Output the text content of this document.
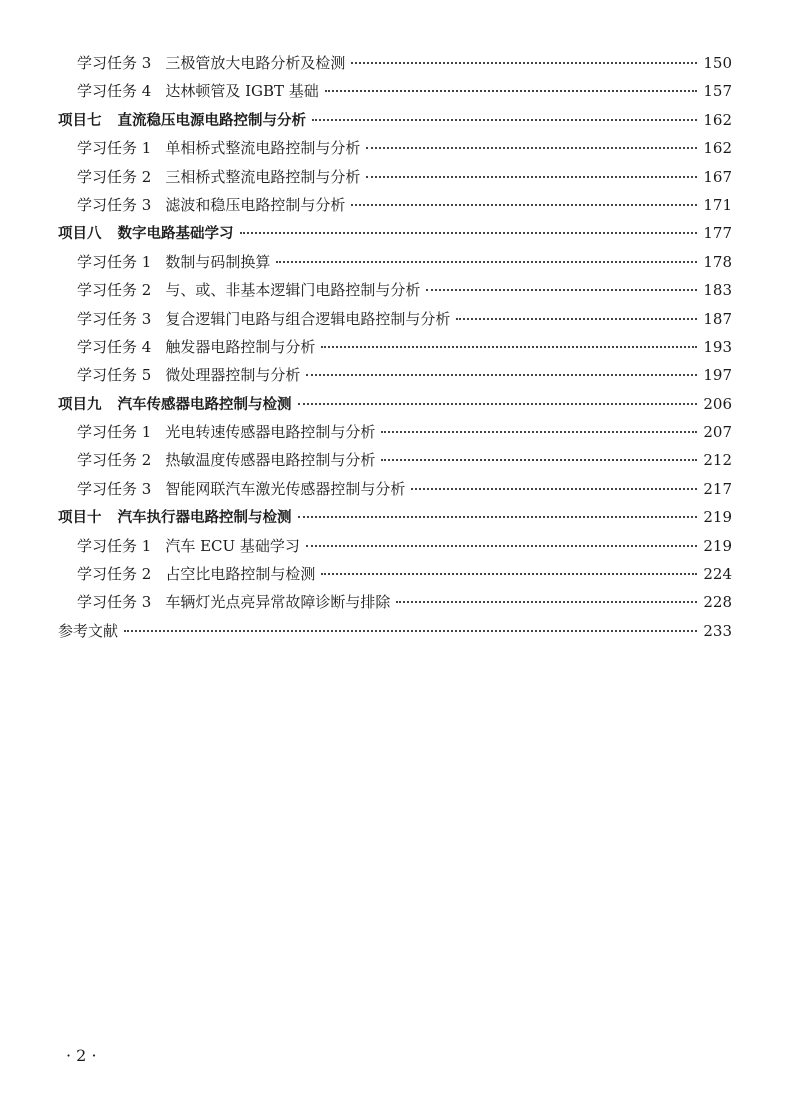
学习任务 3 三极管放大电路分析及检测	150
学习任务 4 达林顿管及 IGBT 基础	157
项目七 直流稳压电源电路控制与分析	162
学习任务 1 单相桥式整流电路控制与分析	162
学习任务 2 三相桥式整流电路控制与分析	167
学习任务 3 滤波和稳压电路控制与分析	171
项目八 数字电路基础学习	177
学习任务 1 数制与码制换算	178
学习任务 2 与、或、非基本逻辑门电路控制与分析	183
学习任务 3 复合逻辑门电路与组合逻辑电路控制与分析	187
学习任务 4 触发器电路控制与分析	193
学习任务 5 微处理器控制与分析	197
项目九 汽车传感器电路控制与检测	206
学习任务 1 光电转速传感器电路控制与分析	207
学习任务 2 热敏温度传感器电路控制与分析	212
学习任务 3 智能网联汽车激光传感器控制与分析	217
项目十 汽车执行器电路控制与检测	219
学习任务 1 汽车 ECU 基础学习	219
学习任务 2 占空比电路控制与检测	224
学习任务 3 车辆灯光点亮异常故障诊断与排除	228
参考文献	233
· 2 ·
